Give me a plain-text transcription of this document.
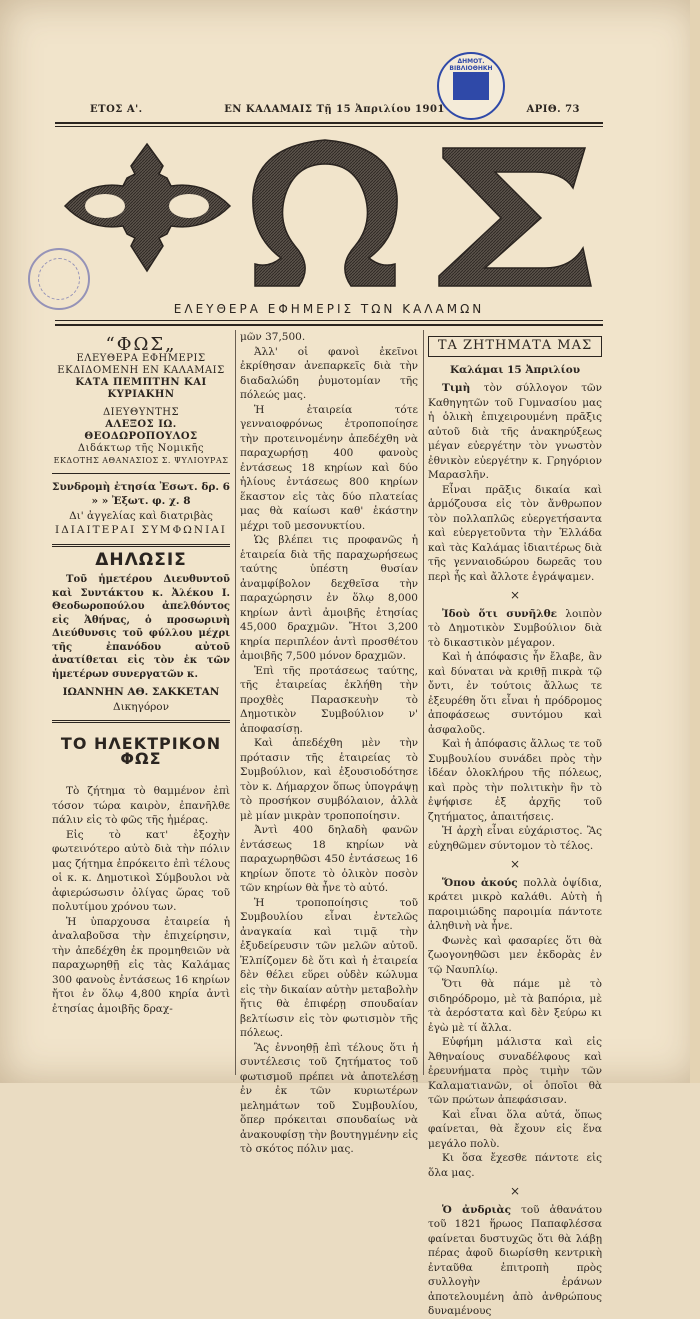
ΔΗΜΟΤ. ΒΙΒΛΙΟΘΗΚΗ ΚΑΛΑΜΩΝ
ΕΤΟΣ Α'.	ΕΝ ΚΑΛΑΜΑΙΣ Τῇ 15 Ἀπριλίου 1901	ΑΡΙΘ. 73
ΕΛΕΥΘΕΡΑ ΕΦΗΜΕΡΙΣ ΤΩΝ ΚΑΛΑΜΩΝ
“ΦΩΣ„
ΕΛΕΥΘΕΡΑ ΕΦΗΜΕΡΙΣ
ΕΚΔΙΔΟΜΕΝΗ ΕΝ ΚΑΛΑΜΑΙΣ
ΚΑΤΑ ΠΕΜΠΤΗΝ ΚΑΙ ΚΥΡΙΑΚΗΝ
ΔΙΕΥΘΥΝΤΗΣ
ΑΛΕΞΟΣ ΙΩ. ΘΕΟΔΩΡΟΠΟΥΛΟΣ
Διδάκτωρ τῆς Νομικῆς
ΕΚΔΟΤΗΣ ΑΘΑΝΑΣΙΟΣ Σ. ΨΥΛΙΟΥΡΑΣ
Συνδρομὴ ἐτησία Ἐσωτ. δρ. 6
» » Ἐξωτ. φ. χ. 8
Δι' ἀγγελίας καὶ διατριβὰς
ΙΔΙΑΙΤΕΡΑΙ ΣΥΜΦΩΝΙΑΙ
ΔΗΛΩΣΙΣ

Τοῦ ἡμετέρου Διευθυντοῦ καὶ Συντάκτου κ. Ἀλέκου Ι. Θεοδωροπούλου ἀπελθόντος εἰς Ἀθήνας, ὁ προσωρινὴ Διεύθυνσις τοῦ φύλλου μέχρι τῆς ἐπανόδου αὐτοῦ ἀνατίθεται εἰς τὸν ἐκ τῶν ἡμετέρων συνεργατῶν κ.

ΙΩΑΝΝΗΝ ΑΘ. ΣΑΚΚΕΤΑΝ
Δικηγόρον
ΤΟ ΗΛΕΚΤΡΙΚΟΝ ΦΩΣ

Τὸ ζήτημα τὸ θαμμένον ἐπὶ τόσον τώρα καιρὸν, ἐπανῆλθε πάλιν εἰς τὸ φῶς τῆς ἡμέρας.

Εἰς τὸ κατ' ἐξοχὴν φωτεινότερο αὐτὸ διὰ τὴν πόλιν μας ζήτημα ἐπρόκειτο ἐπὶ τέλους οἱ κ. κ. Δημοτικοὶ Σύμβουλοι νὰ ἀφιερώσωσιν ὀλίγας ὥρας τοῦ πολυτίμου χρόνου των.

Ἡ ὑπαρχουσα ἐταιρεία ἡ ἀναλαβοῦσα τὴν ἐπιχείρησιν, τὴν ἀπεδέχθη ἐκ προμηθειῶν νὰ παραχωρηθῇ εἰς τὰς Καλάμας 300 φανοὺς ἐντάσεως 16 κηρίων ἤτοι ἐν ὅλῳ 4,800 κηρία ἀντὶ ἐτησίας ἀμοιβῆς δραχ-

μῶν 37,500.

Ἀλλ' οἱ φανοὶ ἐκεῖνοι ἐκρίθησαν ἀνεπαρκεῖς διὰ τὴν διαδαλώδη ῥυμοτομίαν τῆς πόλεώς μας.

Ἡ ἐταιρεία τότε γενναιοφρόνως ἐτροποποίησε τὴν προτεινομένην ἀπεδέχθη νὰ παραχωρήσῃ 400 φανοὺς ἐντάσεως 18 κηρίων καὶ δύο ἡλίους ἐντάσεως 800 κηρίων ἕκαστον εἰς τὰς δύο πλατείας μας θὰ καίωσι καθ' ἑκάστην μέχρι τοῦ μεσονυκτίου.

Ὡς βλέπει τις προφανῶς ἡ ἑταιρεία διὰ τῆς παραχωρήσεως ταύτης ὑπέστη θυσίαν ἀναμφίβολον δεχθεῖσα τὴν παραχώρησιν ἐν ὅλῳ 8,000 κηρίων ἀντὶ ἀμοιβῆς ἐτησίας 45,000 δραχμῶν. Ἤτοι 3,200 κηρία περιπλέον ἀντὶ προσθέτου ἀμοιβῆς 7,500 μόνον δραχμῶν.

Ἐπὶ τῆς προτάσεως ταύτης, τῆς ἑταιρείας ἐκλήθη τὴν προχθὲς Παρασκευὴν τὸ Δημοτικὸν Συμβούλιον ν' ἀποφασίσῃ.

Καὶ ἀπεδέχθη μὲν τὴν πρότασιν τῆς ἑταιρείας τὸ Συμβούλιον, καὶ ἐξουσιοδότησε τὸν κ. Δήμαρχον ὅπως ὑπογράψῃ τὸ προσήκον συμβόλαιον, ἀλλὰ μὲ μίαν μικρὰν τροποποίησιν.

Ἀντὶ 400 δηλαδὴ φανῶν ἐντάσεως 18 κηρίων νὰ παραχωρηθῶσι 450 ἐντάσεως 16 κηρίων ὅποτε τὸ ὁλικὸν ποσὸν τῶν κηρίων θὰ ἦνε τὸ αὐτό.

Ἡ τροποποίησις τοῦ Συμβουλίου εἶναι ἐντελῶς ἀναγκαία καὶ τιμᾷ τὴν ἐξυδείρευσιν τῶν μελῶν αὐτοῦ. Ἐλπίζομεν δὲ ὅτι καὶ ἡ ἑταιρεία δὲν θέλει εὕρει οὐδὲν κώλυμα εἰς τὴν δικαίαν αὐτὴν μεταβολὴν ἥτις θὰ ἐπιφέρῃ σπουδαίαν βελτίωσιν εἰς τὸν φωτισμὸν τῆς πόλεως.

Ἂς ἐννοηθῇ ἐπὶ τέλους ὅτι ἡ συντέλεσις τοῦ ζητήματος τοῦ φωτισμοῦ πρέπει νὰ ἀποτελέσῃ ἐν ἐκ τῶν κυριωτέρων μελημάτων τοῦ Συμβουλίου, ὅπερ πρόκειται σπουδαίως νὰ ἀνακουφίσῃ τὴν βουτηγμένην εἰς τὸ σκότος πόλιν μας.

ΤΑ ΖΗΤΗΜΑΤΑ ΜΑΣ
Καλάμαι 15 Ἀπριλίου

Τιμὴ τὸν σύλλογον τῶν Καθηγητῶν τοῦ Γυμνασίου μας ἡ ὁλικὴ ἐπιχειρουμένη πρᾶξις αὐτοῦ διὰ τῆς ἀνακηρύξεως μέγαν εὐεργέτην τὸν γνωστὸν ἐθνικὸν εὐεργέτην κ. Γρηγόριον Μαρασλῆν.

Εἶναι πρᾶξις δικαία καὶ ἁρμόζουσα εἰς τὸν ἄνθρωπον τὸν πολλαπλῶς εὐεργετήσαντα καὶ εὐεργετοῦντα τὴν Ἑλλάδα καὶ τὰς Καλάμας ἰδιαιτέρως διὰ τῆς γενναιοδώρου δωρεᾶς του περὶ ἧς καὶ ἄλλοτε ἐγράψαμεν.

×

Ἰδοὺ ὅτι συνῆλθε λοιπὸν τὸ Δημοτικὸν Συμβούλιον διὰ τὸ δικαστικὸν μέγαρον.

Καὶ ἡ ἀπόφασις ἦν ἔλαβε, ἂν καὶ δύναται νὰ κριθῇ πικρὰ τῷ ὄντι, ἐν τούτοις ἄλλως τε ἐξευρέθη ὅτι εἶναι ἡ πρόδρομος ἀποφάσεως συντόμου καὶ ἀσφαλοῦς.

Καὶ ἡ ἀπόφασις ἄλλως τε τοῦ Συμβουλίου συνάδει πρὸς τὴν ἰδέαν ὁλοκλήρου τῆς πόλεως, καὶ πρὸς τὴν πολιτικὴν ἣν τὸ ἐψήφισε ἐξ ἀρχῆς τοῦ ζητήματος, ἀπαιτήσεις.

Ἡ ἀρχὴ εἶναι εὐχάριστος. Ἂς εὐχηθῶμεν σύντομον τὸ τέλος.

×

Ὅπου ἀκούς πολλὰ ὀψίδια, κράτει μικρὸ καλάθι. Αὐτὴ ἡ παροιμιώδης παροιμία πάντοτε ἀληθινὴ νὰ ἦνε.

Φωνὲς καὶ φασαρίες ὅτι θὰ ζωογονηθῶσι μεν ἐκδορὰς ἐν τῷ Ναυπλίῳ.

Ὅτι θὰ πάμε μὲ τὸ σιδηρόδρομο, μὲ τὰ βαπόρια, μὲ τὰ ἀερόστατα καὶ δὲν ξεύρω κι ἐγὼ μὲ τί ἄλλα.

Εὐφήμη μάλιστα καὶ εἰς Ἀθηναίους συναδέλφους καὶ ἐρευνήματα πρὸς τιμὴν τῶν Καλαματιανῶν, οἱ ὁποῖοι θὰ τῶν πρώτων ἀπεφάσισαν.

Καὶ εἶναι ὅλα αὐτά, ὅπως φαίνεται, θὰ ἔχουν εἰς ἕνα μεγάλο πολὺ.

Κι ὅσα ἔχεσθε πάντοτε εἰς ὅλα μας.

×

Ὁ ἀνδριὰς τοῦ ἀθανάτου τοῦ 1821 ἥρωος Παπαφλέσσα φαίνεται δυστυχῶς ὅτι θὰ λάβῃ πέρας ἀφοῦ διωρίσθη κεντρικὴ ἐνταῦθα ἐπιτροπὴ πρὸς συλλογὴν ἐράνων ἀποτελουμένη ἀπὸ ἀνθρώπους δυναμένους
